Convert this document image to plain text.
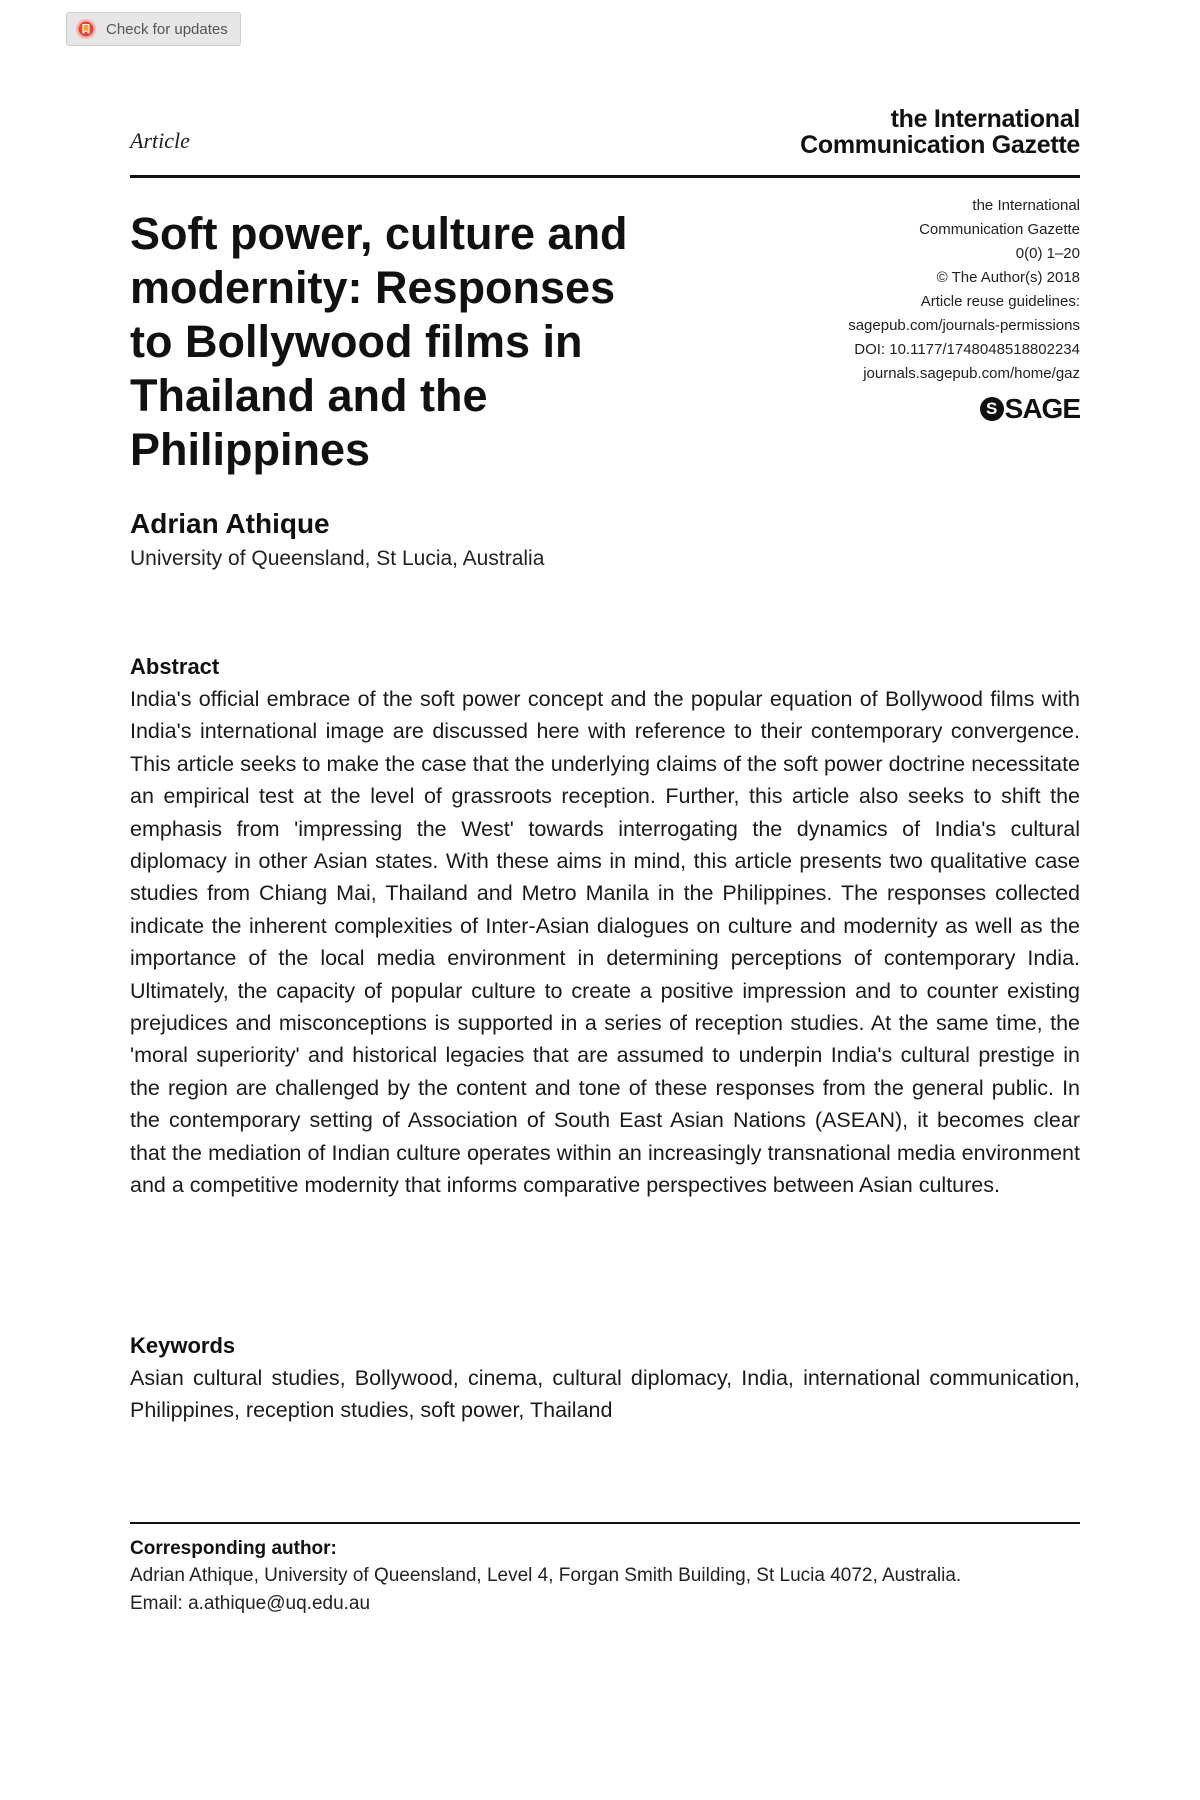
Check for updates
Article
the International
Communication Gazette
Soft power, culture and
modernity: Responses
to Bollywood films in
Thailand and the
Philippines
the International
Communication Gazette
0(0) 1–20
© The Author(s) 2018
Article reuse guidelines:
sagepub.com/journals-permissions
DOI: 10.1177/1748048518802234
journals.sagepub.com/home/gaz
S SAGE
Adrian Athique
University of Queensland, St Lucia, Australia
Abstract
India's official embrace of the soft power concept and the popular equation of Bollywood films with India's international image are discussed here with reference to their contemporary convergence. This article seeks to make the case that the underlying claims of the soft power doctrine necessitate an empirical test at the level of grassroots reception. Further, this article also seeks to shift the emphasis from 'impressing the West' towards interrogating the dynamics of India's cultural diplomacy in other Asian states. With these aims in mind, this article presents two qualitative case studies from Chiang Mai, Thailand and Metro Manila in the Philippines. The responses collected indicate the inherent complexities of Inter-Asian dialogues on culture and modernity as well as the importance of the local media environment in determining perceptions of contemporary India. Ultimately, the capacity of popular culture to create a positive impression and to counter existing prejudices and misconceptions is supported in a series of reception studies. At the same time, the 'moral superiority' and historical legacies that are assumed to underpin India's cultural prestige in the region are challenged by the content and tone of these responses from the general public. In the contemporary setting of Association of South East Asian Nations (ASEAN), it becomes clear that the mediation of Indian culture operates within an increasingly transnational media environment and a competitive modernity that informs comparative perspectives between Asian cultures.
Keywords
Asian cultural studies, Bollywood, cinema, cultural diplomacy, India, international communication, Philippines, reception studies, soft power, Thailand
Corresponding author:
Adrian Athique, University of Queensland, Level 4, Forgan Smith Building, St Lucia 4072, Australia.
Email: a.athique@uq.edu.au
